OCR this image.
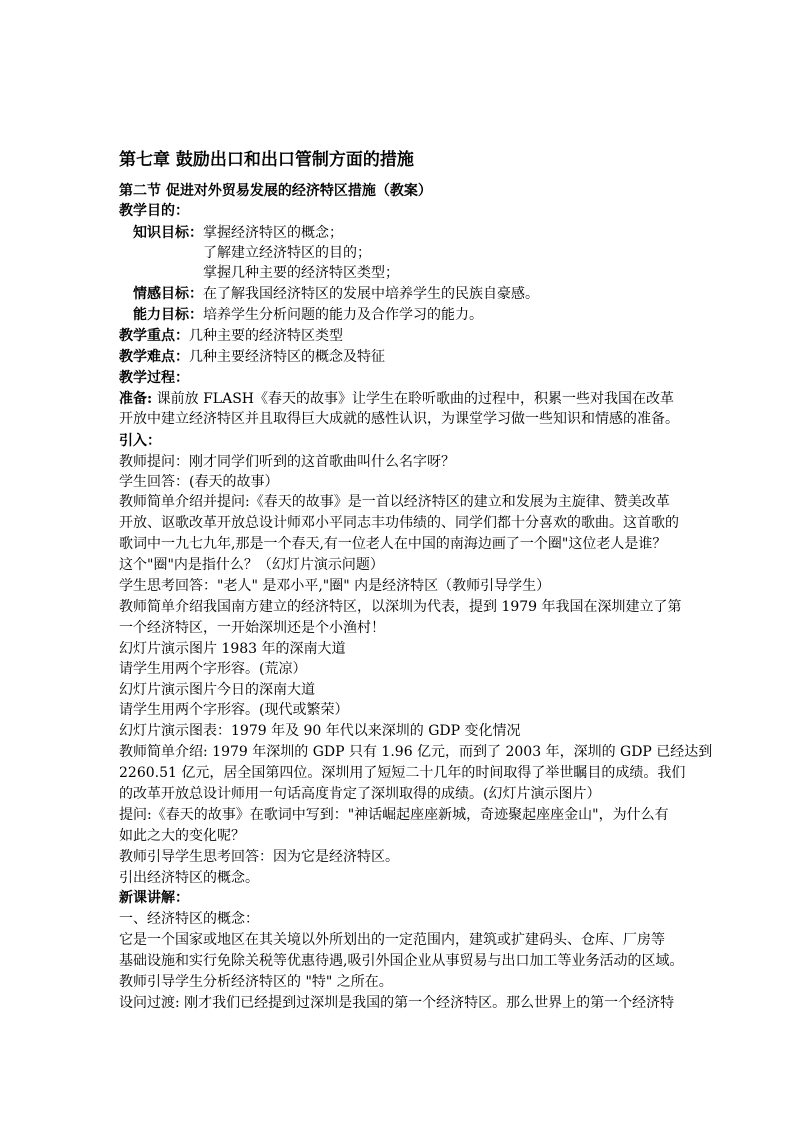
第七章 鼓励出口和出口管制方面的措施
第二节 促进对外贸易发展的经济特区措施（教案）
教学目的：
知识目标：掌握经济特区的概念；
了解建立经济特区的目的；
掌握几种主要的经济特区类型；
情感目标：在了解我国经济特区的发展中培养学生的民族自豪感。
能力目标：培养学生分析问题的能力及合作学习的能力。
教学重点：几种主要的经济特区类型
教学难点：几种主要经济特区的概念及特征
教学过程：
准备: 课前放 FLASH《春天的故事》让学生在聆听歌曲的过程中，积累一些对我国在改革
开放中建立经济特区并且取得巨大成就的感性认识，为课堂学习做一些知识和情感的准备。
引入：
教师提问：刚才同学们听到的这首歌曲叫什么名字呀？
学生回答：(春天的故事）
教师简单介绍并提问:《春天的故事》是一首以经济特区的建立和发展为主旋律、赞美改革
开放、讴歌改革开放总设计师邓小平同志丰功伟绩的、同学们都十分喜欢的歌曲。这首歌的
歌词中一九七九年,那是一个春天,有一位老人在中国的南海边画了一个圈"这位老人是谁？
这个"圈"内是指什么？（幻灯片演示问题）
学生思考回答："老人" 是邓小平,"圈" 内是经济特区（教师引导学生）
教师简单介绍我国南方建立的经济特区，以深圳为代表，提到 1979 年我国在深圳建立了第
一个经济特区，一开始深圳还是个小渔村！
幻灯片演示图片 1983 年的深南大道
请学生用两个字形容。(荒凉）
幻灯片演示图片今日的深南大道
请学生用两个字形容。(现代或繁荣）
幻灯片演示图表：1979 年及 90 年代以来深圳的 GDP 变化情况
教师简单介绍: 1979 年深圳的 GDP 只有 1.96 亿元，而到了 2003 年，深圳的 GDP 已经达到
2260.51 亿元，居全国第四位。深圳用了短短二十几年的时间取得了举世瞩目的成绩。我们
的改革开放总设计师用一句话高度肯定了深圳取得的成绩。(幻灯片演示图片）
提问:《春天的故事》在歌词中写到："神话崛起座座新城，奇迹聚起座座金山"，为什么有
如此之大的变化呢？
教师引导学生思考回答：因为它是经济特区。
引出经济特区的概念。
新课讲解：
一、经济特区的概念：
它是一个国家或地区在其关境以外所划出的一定范围内，建筑或扩建码头、仓库、厂房等
基础设施和实行免除关税等优惠待遇,吸引外国企业从事贸易与出口加工等业务活动的区域。
教师引导学生分析经济特区的 "特" 之所在。
设问过渡: 刚才我们已经提到过深圳是我国的第一个经济特区。那么世界上的第一个经济特
